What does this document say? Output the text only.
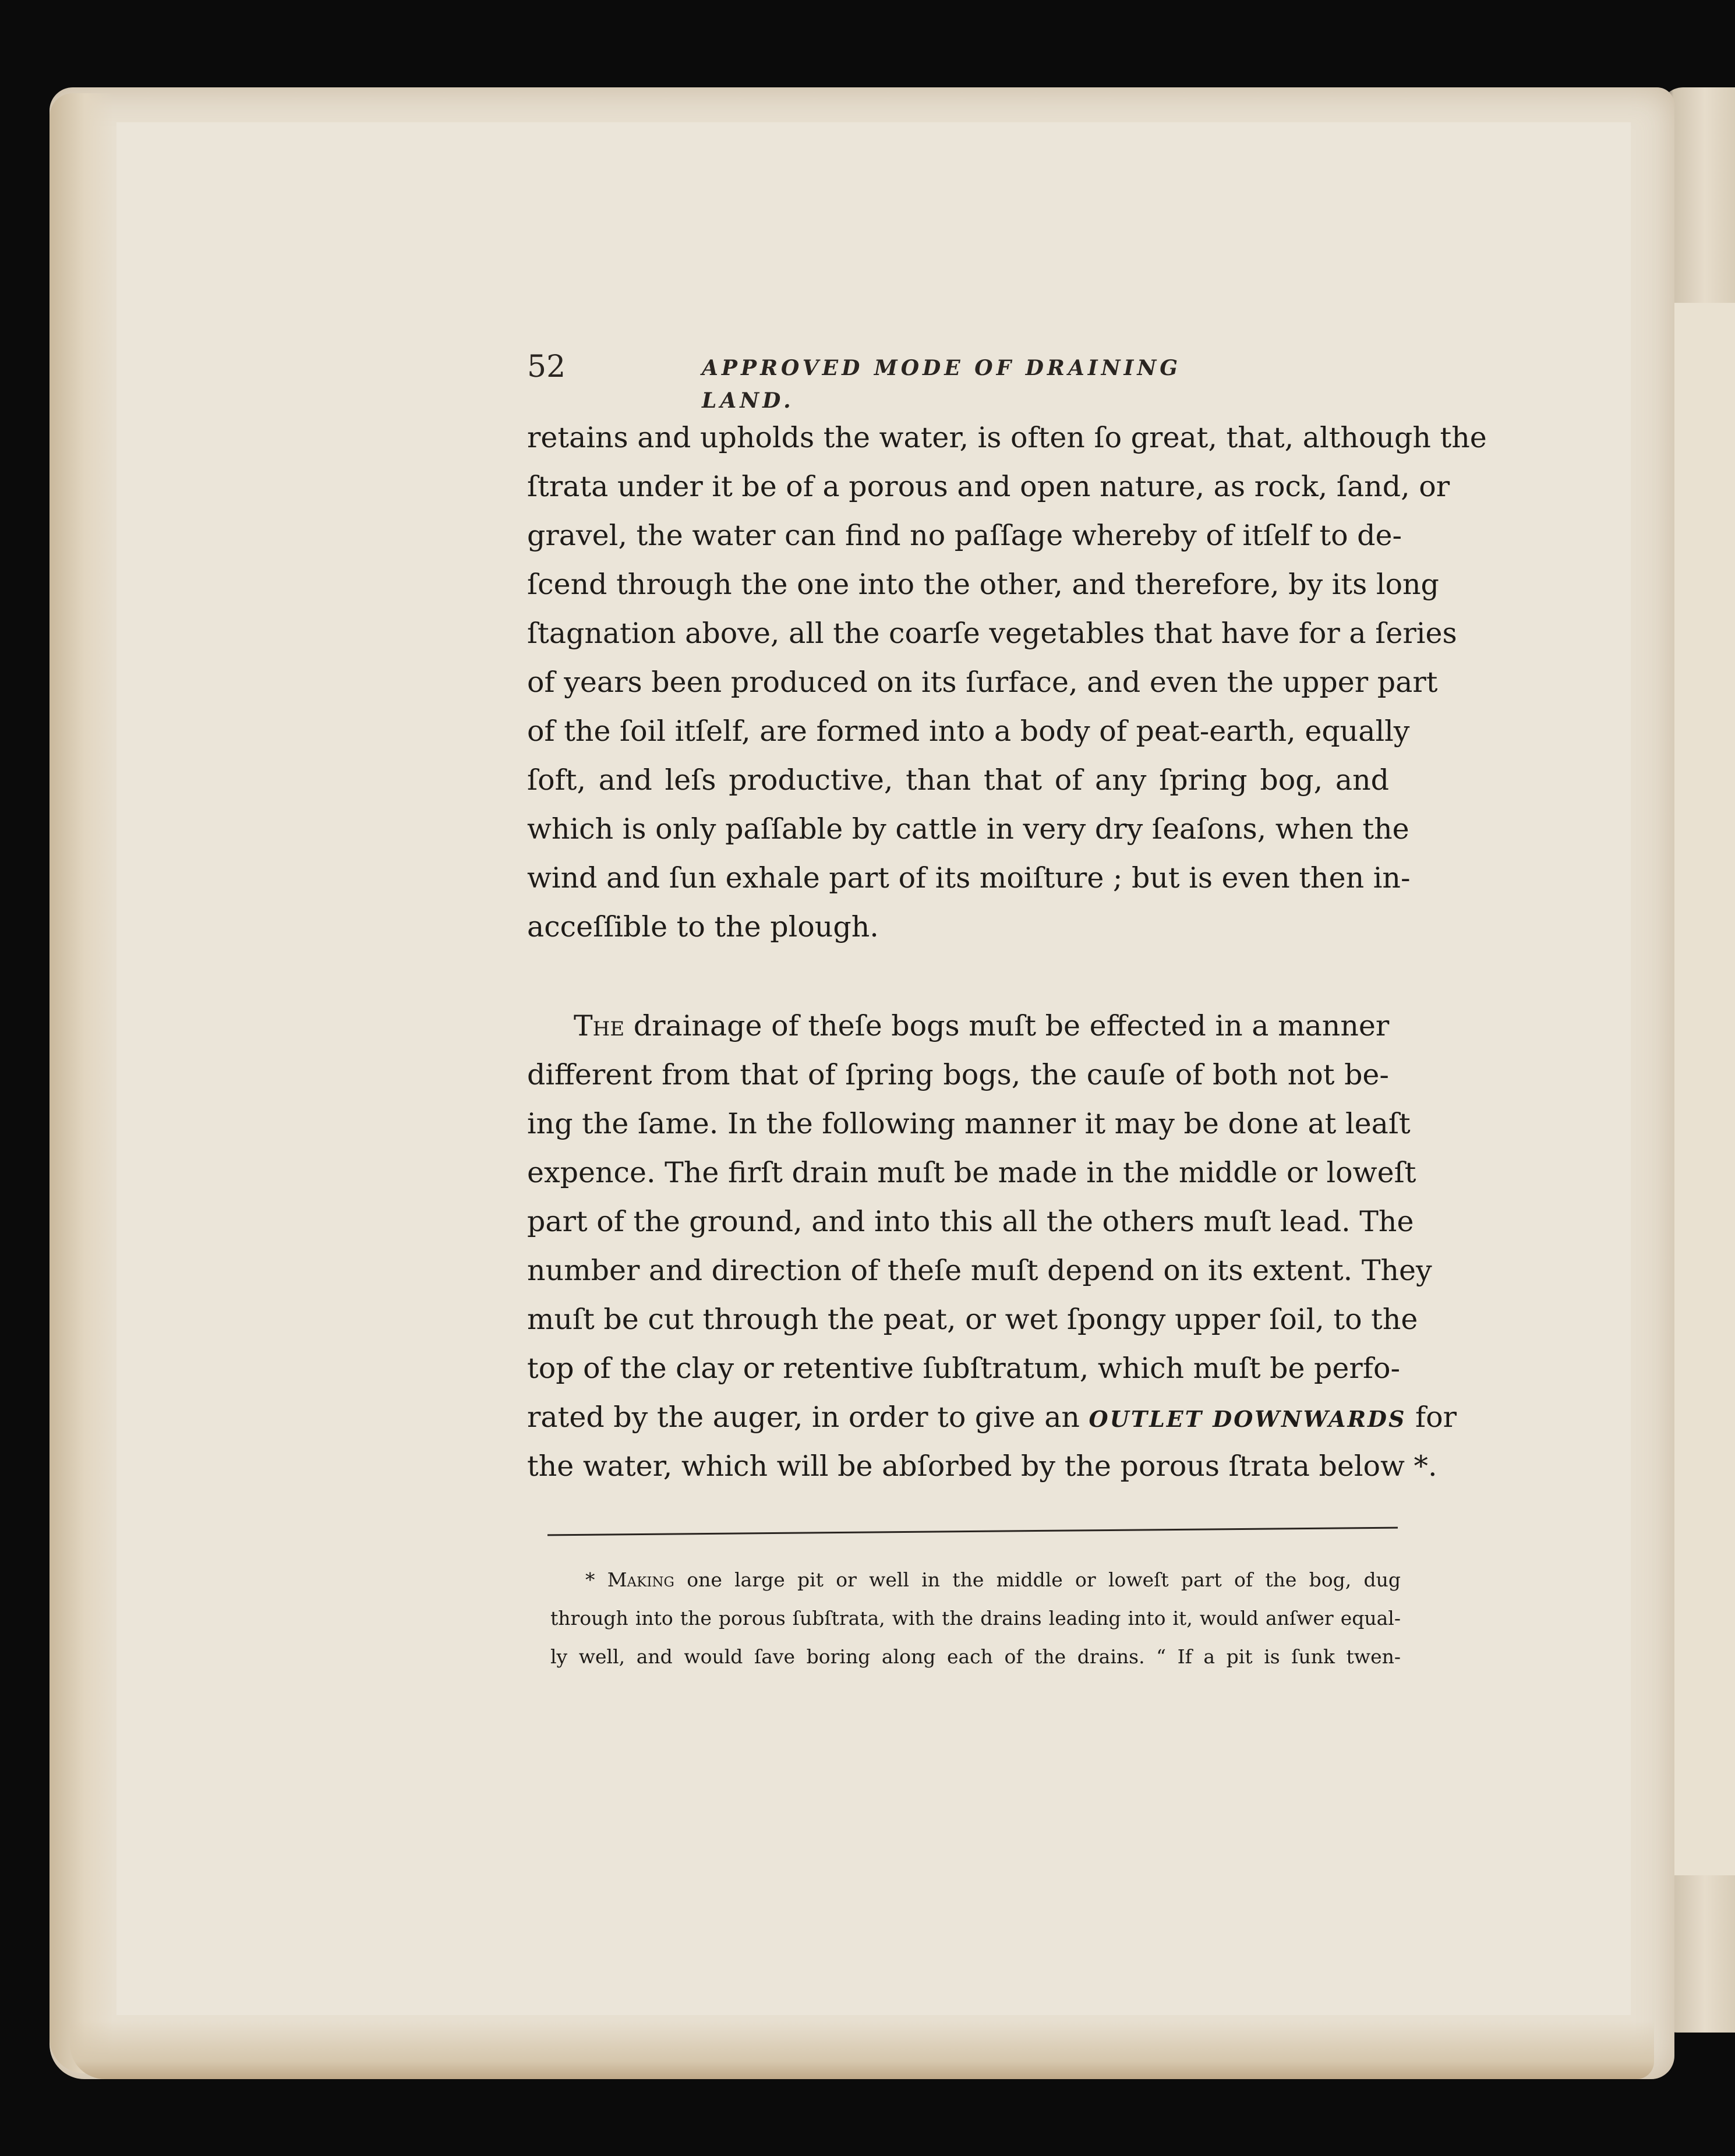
52	APPROVED MODE OF DRAINING LAND.
retains and upholds the water, is often ſo great, that, although the
ſtrata under it be of a porous and open nature, as rock, ſand, or
gravel, the water can find no paſſage whereby of itſelf to de-
ſcend through the one into the other, and therefore, by its long
ſtagnation above, all the coarſe vegetables that have for a ſeries
of years been produced on its ſurface, and even the upper part
of the ſoil itſelf, are formed into a body of peat-earth, equally
ſoft, and leſs productive, than that of any ſpring bog, and
which is only paſſable by cattle in very dry ſeaſons, when the
wind and ſun exhale part of its moiſture ; but is even then in-
acceſſible to the plough.
The drainage of theſe bogs muſt be effected in a manner
different from that of ſpring bogs, the cauſe of both not be-
ing the ſame. In the following manner it may be done at leaſt
expence. The firſt drain muſt be made in the middle or loweſt
part of the ground, and into this all the others muſt lead. The
number and direction of theſe muſt depend on its extent. They
muſt be cut through the peat, or wet ſpongy upper ſoil, to the
top of the clay or retentive ſubſtratum, which muſt be perfo-
rated by the auger, in order to give an OUTLET DOWNWARDS for
the water, which will be abſorbed by the porous ſtrata below *.
* Making one large pit or well in the middle or loweſt part of the bog, dug
through into the porous ſubſtrata, with the drains leading into it, would anſwer equal-
ly well, and would ſave boring along each of the drains. “ If a pit is ſunk twen-
